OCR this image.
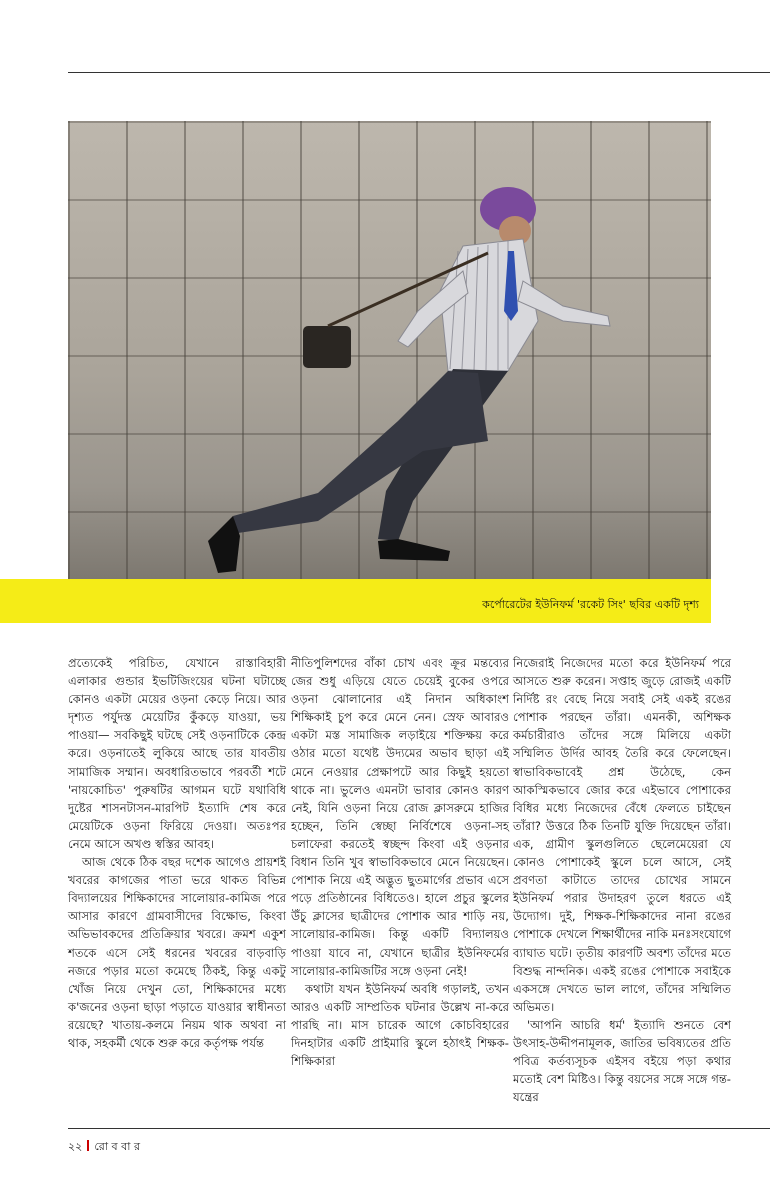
কর্পোরেটের ইউনিফর্ম 'রকেট সিং' ছবির একটি দৃশ্য

প্রত্যেকেই পরিচিত, যেখানে রাস্তাবিহারী এলাকার গুন্ডার ইভটিজিংয়ের ঘটনা ঘটাচ্ছে কোনও একটা মেয়ের ওড়না কেড়ে নিয়ে। আর দৃশ্যত পর্যুদস্ত মেয়েটির কুঁকড়ে যাওয়া, ভয় পাওয়া— সবকিছুই ঘটছে সেই ওড়নাটিকে কেন্দ্র করে। ওড়নাতেই লুকিয়ে আছে তার যাবতীয় সামাজিক সম্মান। অবধারিতভাবে পরবর্তী শটে 'নায়কোচিত' পুরুষটির আগমন ঘটে যথাবিধি দুষ্টের শাসনটাসন-মারপিট ইত্যাদি শেষ করে মেয়েটিকে ওড়না ফিরিয়ে দেওয়া। অতঃপর নেমে আসে অখণ্ড স্বস্তির আবহ।

আজ থেকে ঠিক বছর দশেক আগেও প্রায়শই খবরের কাগজের পাতা ভরে থাকত বিভিন্ন বিদ্যালয়ের শিক্ষিকাদের সালোয়ার-কামিজ পরে আসার কারণে গ্রামবাসীদের বিক্ষোভ, কিংবা অভিভাবকদের প্রতিক্রিয়ার খবরে। ক্রমশ একুশ শতকে এসে সেই ধরনের খবরের বাড়বাড়ি নজরে পড়ার মতো কমেছে ঠিকই, কিন্তু একটু খোঁজ নিয়ে দেখুন তো, শিক্ষিকাদের মধ্যে ক'জনের ওড়না ছাড়া পড়াতে যাওয়ার স্বাধীনতা রয়েছে? খাতায়-কলমে নিয়ম থাক অথবা না থাক, সহকর্মী থেকে শুরু করে কর্তৃপক্ষ পর্যন্ত

নীতিপুলিশদের বাঁকা চোখ এবং ক্রূর মন্তব্যের জের শুধু এড়িয়ে যেতে চেয়েই বুকের ওপরে ওড়না ঝোলানোর এই নিদান অধিকাংশ শিক্ষিকাই চুপ করে মেনে নেন। স্রেফ আবারও একটা মস্ত সামাজিক লড়াইয়ে শক্তিক্ষয় করে ওঠার মতো যথেষ্ট উদ্যমের অভাব ছাড়া এই মেনে নেওয়ার প্রেক্ষাপটে আর কিছুই হয়তো থাকে না। ভুলেও এমনটা ভাবার কোনও কারণ নেই, যিনি ওড়না নিয়ে রোজ ক্লাসরুমে হাজির হচ্ছেন, তিনি স্বেচ্ছা নির্বিশেষে ওড়না-সহ চলাফেরা করতেই স্বচ্ছন্দ কিংবা এই ওড়নার বিধান তিনি খুব স্বাভাবিকভাবে মেনে নিয়েছেন। পোশাক নিয়ে এই অদ্ভুত ছুতমার্গের প্রভাব এসে পড়ে প্রতিষ্ঠানের বিধিতেও। হালে প্রচুর স্কুলের উঁচু ক্লাসের ছাত্রীদের পোশাক আর শাড়ি নয়, সালোয়ার-কামিজ। কিন্তু একটি বিদ্যালয়ও পাওয়া যাবে না, যেখানে ছাত্রীর ইউনিফর্মের সালোয়ার-কামিজটির সঙ্গে ওড়না নেই!

কথাটা যখন ইউনিফর্ম অবধি গড়ালই, তখন আরও একটি সাম্প্রতিক ঘটনার উল্লেখ না-করে পারছি না। মাস চারেক আগে কোচবিহারের দিনহাটার একটি প্রাইমারি স্কুলে হঠাৎই শিক্ষক-শিক্ষিকারা

নিজেরাই নিজেদের মতো করে ইউনিফর্ম পরে আসতে শুরু করেন। সপ্তাহ জুড়ে রোজই একটি নির্দিষ্ট রং বেছে নিয়ে সবাই সেই একই রঙের পোশাক পরছেন তাঁরা। এমনকী, অশিক্ষক কর্মচারীরাও তাঁদের সঙ্গে মিলিয়ে একটা সম্মিলিত উর্দির আবহ তৈরি করে ফেলেছেন। স্বাভাবিকভাবেই প্রশ্ন উঠেছে, কেন আকস্মিকভাবে জোর করে এইভাবে পোশাকের বিধির মধ্যে নিজেদের বেঁধে ফেলতে চাইছেন তাঁরা? উত্তরে ঠিক তিনটি যুক্তি দিয়েছেন তাঁরা। এক, গ্রামীণ স্কুলগুলিতে ছেলেমেয়েরা যে কোনও পোশাকেই স্কুলে চলে আসে, সেই প্রবণতা কাটাতে তাদের চোখের সামনে ইউনিফর্ম পরার উদাহরণ তুলে ধরতে এই উদ্যোগ। দুই, শিক্ষক-শিক্ষিকাদের নানা রঙের পোশাকে দেখলে শিক্ষার্থীদের নাকি মনঃসংযোগে ব্যাঘাত ঘটে। তৃতীয় কারণটি অবশ্য তাঁদের মতে বিশুদ্ধ নান্দনিক। একই রঙের পোশাকে সবাইকে একসঙ্গে দেখতে ভাল লাগে, তাঁদের সম্মিলিত অভিমত।

'আপনি আচরি ধর্ম' ইত্যাদি শুনতে বেশ উৎসাহ-উদ্দীপনামূলক, জাতির ভবিষ্যতের প্রতি পবিত্র কর্তব্যসূচক এইসব বইয়ে পড়া কথার মতোই বেশ মিষ্টিও। কিন্তু বয়সের সঙ্গে সঙ্গে গন্ত-যন্ত্রের

২২ রো ব বা র
